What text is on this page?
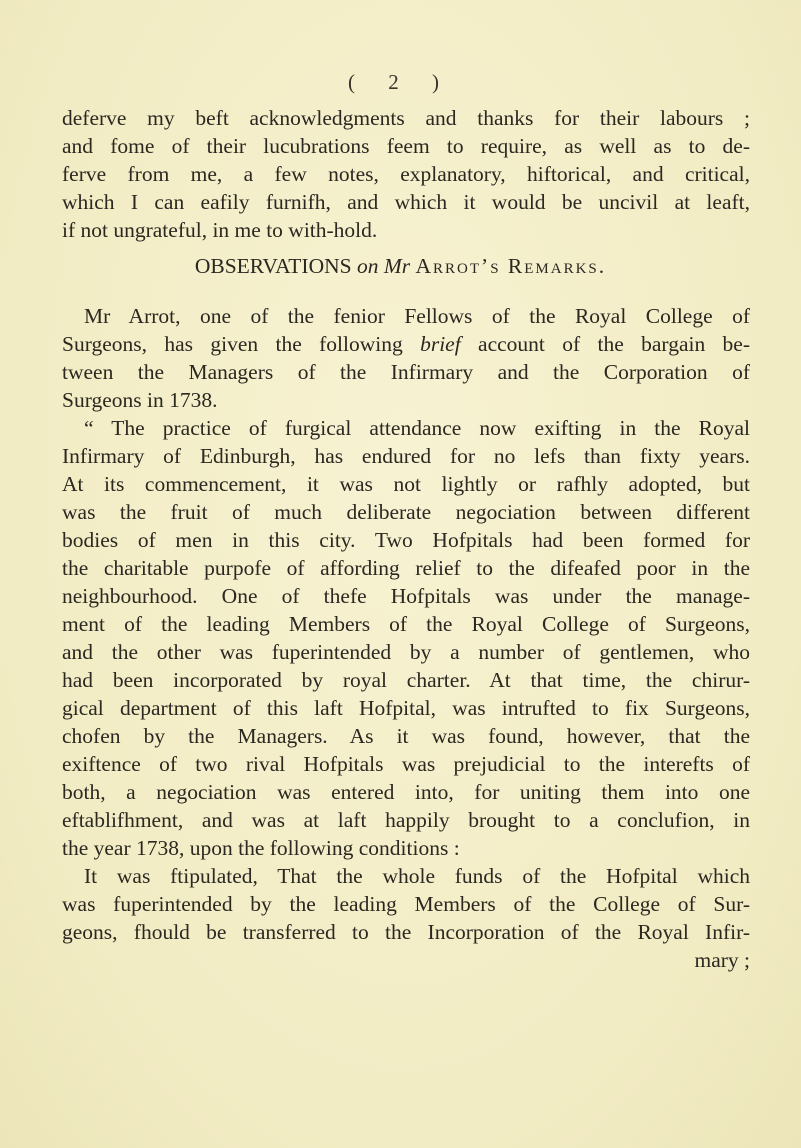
( 2 )
deferve my beft acknowledgments and thanks for their labours ;
and fome of their lucubrations feem to require, as well as to de-
ferve from me, a few notes, explanatory, hiftorical, and critical,
which I can eafily furnifh, and which it would be uncivil at leaft,
if not ungrateful, in me to with-hold.
OBSERVATIONS on Mr Arrot’s Remarks.
Mr Arrot, one of the fenior Fellows of the Royal College of
Surgeons, has given the following brief account of the bargain be-
tween the Managers of the Infirmary and the Corporation of
Surgeons in 1738.
“ The practice of furgical attendance now exifting in the Royal
Infirmary of Edinburgh, has endured for no lefs than fixty years.
At its commencement, it was not lightly or rafhly adopted, but
was the fruit of much deliberate negociation between different
bodies of men in this city. Two Hofpitals had been formed for
the charitable purpofe of affording relief to the difeafed poor in the
neighbourhood. One of thefe Hofpitals was under the manage-
ment of the leading Members of the Royal College of Surgeons,
and the other was fuperintended by a number of gentlemen, who
had been incorporated by royal charter. At that time, the chirur-
gical department of this laft Hofpital, was intrufted to fix Surgeons,
chofen by the Managers. As it was found, however, that the
exiftence of two rival Hofpitals was prejudicial to the interefts of
both, a negociation was entered into, for uniting them into one
eftablifhment, and was at laft happily brought to a conclufion, in
the year 1738, upon the following conditions :
It was ftipulated, That the whole funds of the Hofpital which
was fuperintended by the leading Members of the College of Sur-
geons, fhould be transferred to the Incorporation of the Royal Infir-
mary ;
